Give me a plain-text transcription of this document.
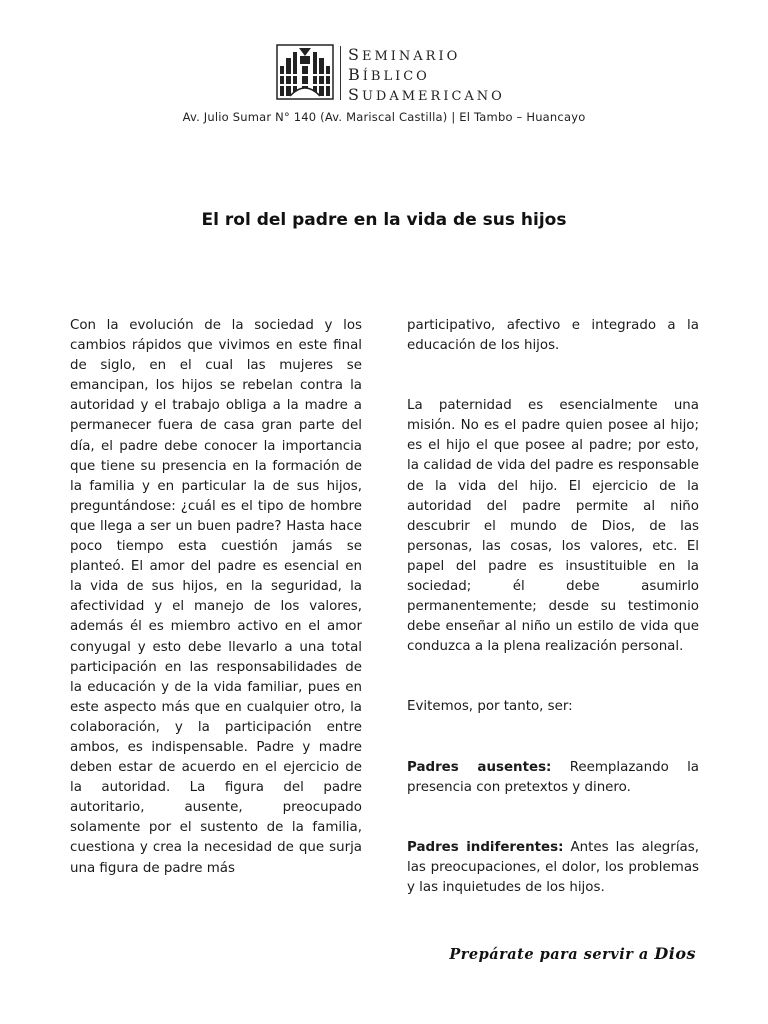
SEMINARIO
BÍBLICO
SUDAMERICANO
Av. Julio Sumar N° 140 (Av. Mariscal Castilla) | El Tambo – Huancayo
El rol del padre en la vida de sus hijos

Con la evolución de la sociedad y los cambios rápidos que vivimos en este final de siglo, en el cual las mujeres se emancipan, los hijos se rebelan contra la autoridad y el trabajo obliga a la madre a permanecer fuera de casa gran parte del día, el padre debe conocer la importancia que tiene su presencia en la formación de la familia y en particular la de sus hijos, preguntándose: ¿cuál es el tipo de hombre que llega a ser un buen padre? Hasta hace poco tiempo esta cuestión jamás se planteó. El amor del padre es esencial en la vida de sus hijos, en la seguridad, la afectividad y el manejo de los valores, además él es miembro activo en el amor conyugal y esto debe llevarlo a una total participación en las responsabilidades de la educación y de la vida familiar, pues en este aspecto más que en cualquier otro, la colaboración, y la participación entre ambos, es indispensable. Padre y madre deben estar de acuerdo en el ejercicio de la autoridad. La figura del padre autoritario, ausente, preocupado solamente por el sustento de la familia, cuestiona y crea la necesidad de que surja una figura de padre más

participativo, afectivo e integrado a la educación de los hijos.

La paternidad es esencialmente una misión. No es el padre quien posee al hijo; es el hijo el que posee al padre; por esto, la calidad de vida del padre es responsable de la vida del hijo. El ejercicio de la autoridad del padre permite al niño descubrir el mundo de Dios, de las personas, las cosas, los valores, etc. El papel del padre es insustituible en la sociedad; él debe asumirlo permanentemente; desde su testimonio debe enseñar al niño un estilo de vida que conduzca a la plena realización personal.

Evitemos, por tanto, ser:

Padres ausentes: Reemplazando la presencia con pretextos y dinero.

Padres indiferentes: Antes las alegrías, las preocupaciones, el dolor, los problemas y las inquietudes de los hijos.

Prepárate para servir a Dios
